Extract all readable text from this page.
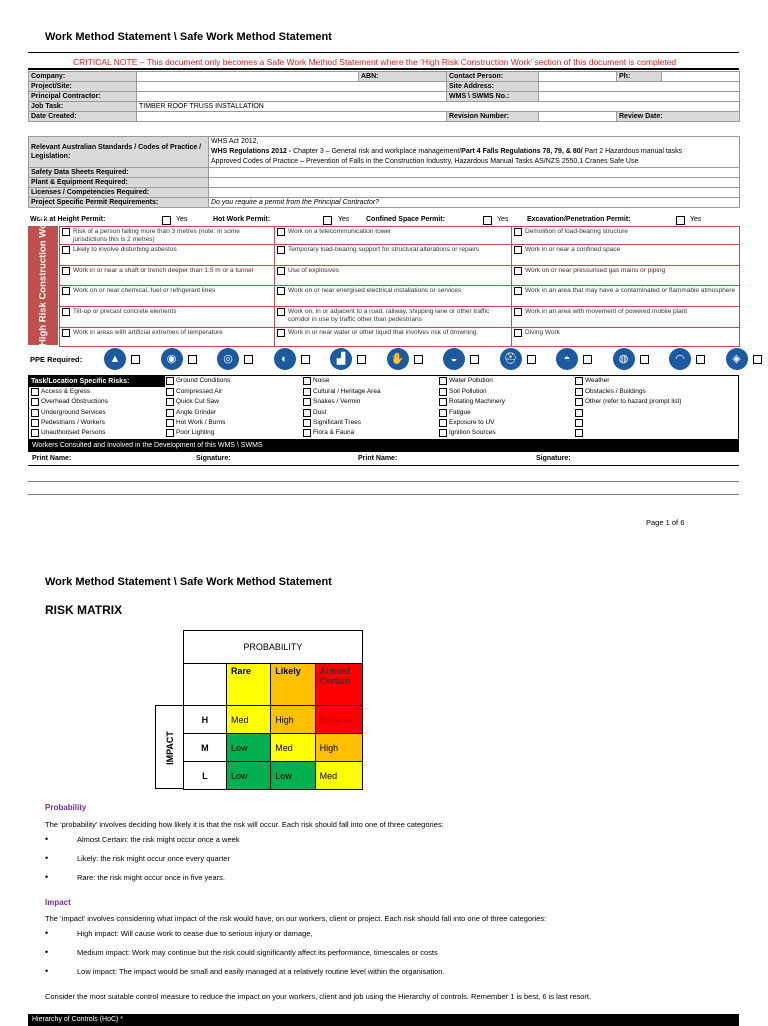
Work Method Statement \ Safe Work Method Statement
CRITICAL NOTE – This document only becomes a Safe Work Method Statement where the ‘High Risk Construction Work’ section of this document is completed
Company:		ABN:	Contact Person:		Ph:	
Project/Site:			Site Address:			
Principal Contractor:			WMS \ SWMS No.:			
Job Task:	TIMBER ROOF TRUSS INSTALLATION					
Date Created:			Revision Number:		Review Date:	
Relevant Australian Standards / Codes of Practice / Legislation:	WHS Act 2012,
WHS Regulations 2012 - Chapter 3 – General risk and workplace management/Part 4 Falls Regulations 78, 79, & 80/ Part 2 Hazardous manual tasks
Approved Codes of Practice – Prevention of Falls in the Construction Industry, Hazardous Manual Tasks AS/NZS 2550.1 Cranes Safe Use

Safety Data Sheets Required:	
Plant & Equipment Required:	
Licenses / Competencies Required:	
Project Specific Permit Requirements:	Do you require a permit from the Principal Contractor?
Work at Height Permit:	Yes	Hot Work Permit:	Yes Confined Space Permit:	Yes	Excavation/Penetration Permit:	Yes
High Risk Construction Work	Risk of a person falling more than 3 metres (note: in some jurisdictions this is 2 metres)	Work on a telecommunication tower	Demolition of load-bearing structure

Likely to involve disturbing asbestos	Temporary load-bearing support for structural alterations or repairs	Work in or near a confined space

Work in or near a shaft or trench deeper than 1.5 m or a tunnel	Use of explosives	Work on or near pressurised gas mains or piping

Work on or near chemical, fuel or refrigerant lines	Work on or near energised electrical installations or services	Work in an area that may have a contaminated or flammable atmosphere

Tilt-up or precast concrete elements	Work on, in or adjacent to a road, railway, shipping lane or other traffic corridor in use by traffic other than pedestrians	Work in an area with movement of powered mobile plant

Work in areas with artificial extremes of temperature	Work in or near water or other liquid that involves risk of drowning	Diving Work
PPE Required:	▲	◉	◎	◐	▟	✋	◒	⛑	◓	◍	◠	◈
Task/Location Specific Risks:	Ground Conditions	Noise	Water Pollution	Weather
Access & Egress	Compressed Air	Cultural / Heritage Area	Soil Pollution	Obstacles / Buildings
Overhead Obstructions	Quick Cut Saw	Snakes / Vermin	Rotating Machinery	Other (refer to hazard prompt list)
Underground Services	Angle Grinder	Dust	Fatigue
Pedestrians / Workers	Hot Work / Burns	Significant Trees	Exposure to UV
Unauthorised Persons	Poor Lighting	Flora & Fauna	Ignition Sources
Workers Consulted and Involved in the Development of this WMS \ SWMS
Print Name:	Signature:	Print Name:	Signature:
Page 1 of 6
Work Method Statement \ Safe Work Method Statement
RISK MATRIX
	PROBABILITY			
		Rare	Likely	Almost Certain
	H	Med	High	Extreme
	M	Low	Med	High
	L	Low	Low	Med
IMPACT
Probability
The ‘probability’ involves deciding how likely it is that the risk will occur. Each risk should fall into one of three categories:
• Almost Certain: the risk might occur once a week
• Likely: the risk might occur once every quarter
• Rare: the risk might occur once in five years.
Impact
The ‘impact’ involves considering what impact of the risk would have, on our workers, client or project. Each risk should fall into one of three categories:
• High impact: Will cause work to cease due to serious injury or damage,
• Medium impact: Work may continue but the risk could significantly affect its performance, timescales or costs
• Low impact: The impact would be small and easily managed at a relatively routine level within the organisation.
Consider the most suitable control measure to reduce the impact on your workers, client and job using the Hierarchy of controls. Remember 1 is best, 6 is last resort.
Hierarchy of Controls (HoC) *
